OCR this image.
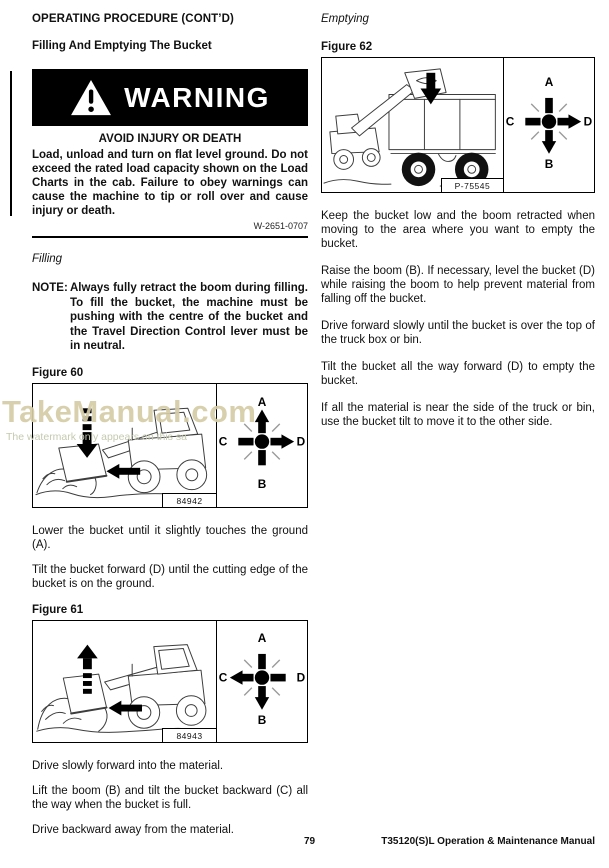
OPERATING PROCEDURE (CONT’D)
Filling And Emptying The Bucket
WARNING
AVOID INJURY OR DEATH

Load, unload and turn on flat level ground. Do not exceed the rated load capacity shown on the Load Charts in the cab. Failure to obey warnings can cause the machine to tip or roll over and cause injury or death.

W-2651-0707
Filling
NOTE: Always fully retract the boom during filling. To fill the bucket, the machine must be pushing with the centre of the bucket and the Travel Direction Control lever must be in neutral.
Figure 60
84942
A
B
C	D

Lower the bucket until it slightly touches the ground (A).

Tilt the bucket forward (D) until the cutting edge of the bucket is on the ground.

Figure 61
84943
A
B
C	D

Drive slowly forward into the material.

Lift the boom (B) and tilt the bucket backward (C) all the way when the bucket is full.

Drive backward away from the material.

Emptying
Figure 62
P-75545
A
B
C	D

Keep the bucket low and the boom retracted when moving to the area where you want to empty the bucket.

Raise the boom (B). If necessary, level the bucket (D) while raising the boom to help prevent material from falling off the bucket.

Drive forward slowly until the bucket is over the top of the truck box or bin.

Tilt the bucket all the way forward (D) to empty the bucket.

If all the material is near the side of the truck or bin, use the bucket tilt to move it to the other side.

TakeManual.com
The watermark only appears on this sa
79	T35120(S)L Operation & Maintenance Manual
